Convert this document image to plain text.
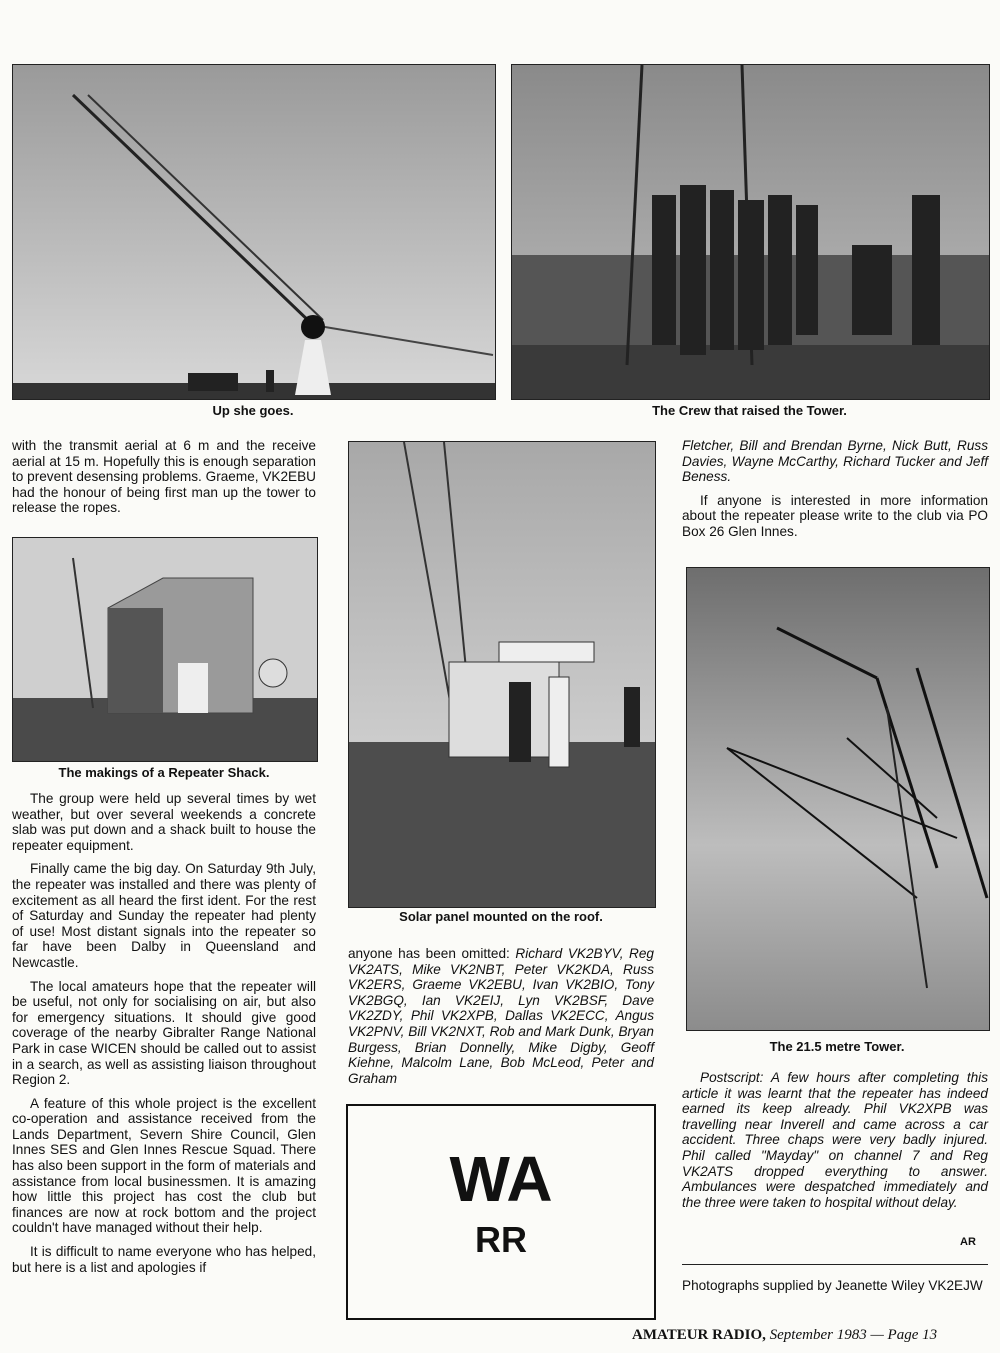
Up she goes.	The Crew that raised the Tower.

with the transmit aerial at 6 m and the receive aerial at 15 m. Hopefully this is enough separation to prevent desensing problems. Graeme, VK2EBU had the honour of being first man up the tower to release the ropes.

The makings of a Repeater Shack.

The group were held up several times by wet weather, but over several weekends a concrete slab was put down and a shack built to house the repeater equipment.

Finally came the big day. On Saturday 9th July, the repeater was installed and there was plenty of excitement as all heard the first ident. For the rest of Saturday and Sunday the repeater had plenty of use! Most distant signals into the repeater so far have been Dalby in Queensland and Newcastle.

The local amateurs hope that the repeater will be useful, not only for socialising on air, but also for emergency situations. It should give good coverage of the nearby Gibralter Range National Park in case WICEN should be called out to assist in a search, as well as assisting liaison throughout Region 2.

A feature of this whole project is the excellent co-operation and assistance received from the Lands Department, Severn Shire Council, Glen Innes SES and Glen Innes Rescue Squad. There has also been support in the form of materials and assistance from local businessmen. It is amazing how little this project has cost the club but finances are now at rock bottom and the project couldn't have managed without their help.

It is difficult to name everyone who has helped, but here is a list and apologies if

Solar panel mounted on the roof.

anyone has been omitted: Richard VK2BYV, Reg VK2ATS, Mike VK2NBT, Peter VK2KDA, Russ VK2ERS, Graeme VK2EBU, Ivan VK2BIO, Tony VK2BGQ, Ian VK2EIJ, Lyn VK2BSF, Dave VK2ZDY, Phil VK2XPB, Dallas VK2ECC, Angus VK2PNV, Bill VK2NXT, Rob and Mark Dunk, Bryan Burgess, Brian Donnelly, Mike Digby, Geoff Kiehne, Malcolm Lane, Bob McLeod, Peter and Graham

WA
RR

Fletcher, Bill and Brendan Byrne, Nick Butt, Russ Davies, Wayne McCarthy, Richard Tucker and Jeff Beness.

If anyone is interested in more information about the repeater please write to the club via PO Box 26 Glen Innes.

The 21.5 metre Tower.

Postscript: A few hours after completing this article it was learnt that the repeater has indeed earned its keep already. Phil VK2XPB was travelling near Inverell and came across a car accident. Three chaps were very badly injured. Phil called "Mayday" on channel 7 and Reg VK2ATS dropped everything to answer. Ambulances were despatched immediately and the three were taken to hospital without delay.

AR

Photographs supplied by Jeanette Wiley VK2EJW

AMATEUR RADIO, September 1983 — Page 13
